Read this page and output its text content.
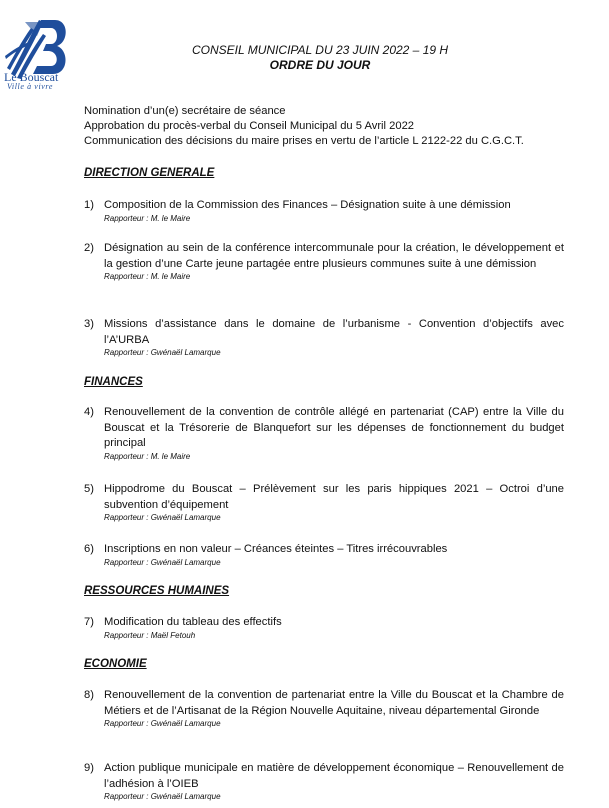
Le Bouscat
Ville à vivre
CONSEIL MUNICIPAL DU 23 JUIN 2022 – 19 H
ORDRE DU JOUR
Nomination d’un(e) secrétaire de séance
Approbation du procès-verbal du Conseil Municipal du 5 Avril 2022
Communication des décisions du maire prises en vertu de l’article L 2122-22 du C.G.C.T.
DIRECTION GENERALE
1) Composition de la Commission des Finances – Désignation suite à une démission
Rapporteur : M. le Maire
2) Désignation au sein de la conférence intercommunale pour la création, le développement et la gestion d’une Carte jeune partagée entre plusieurs communes suite à une démission
Rapporteur : M. le Maire
3) Missions d’assistance dans le domaine de l’urbanisme - Convention d’objectifs avec l’A’URBA
Rapporteur : Gwénaël Lamarque
FINANCES
4) Renouvellement de la convention de contrôle allégé en partenariat (CAP) entre la Ville du Bouscat et la Trésorerie de Blanquefort sur les dépenses de fonctionnement du budget principal
Rapporteur : M. le Maire
5) Hippodrome du Bouscat – Prélèvement sur les paris hippiques 2021 – Octroi d’une subvention d’équipement
Rapporteur : Gwénaël Lamarque
6) Inscriptions en non valeur – Créances éteintes – Titres irrécouvrables
Rapporteur : Gwénaël Lamarque
RESSOURCES HUMAINES
7) Modification du tableau des effectifs
Rapporteur : Maël Fetouh
ECONOMIE
8) Renouvellement de la convention de partenariat entre la Ville du Bouscat et la Chambre de Métiers et de l’Artisanat de la Région Nouvelle Aquitaine, niveau départemental Gironde
Rapporteur : Gwénaël Lamarque
9) Action publique municipale en matière de développement économique – Renouvellement de l’adhésion à l’OIEB
Rapporteur : Gwénaël Lamarque
